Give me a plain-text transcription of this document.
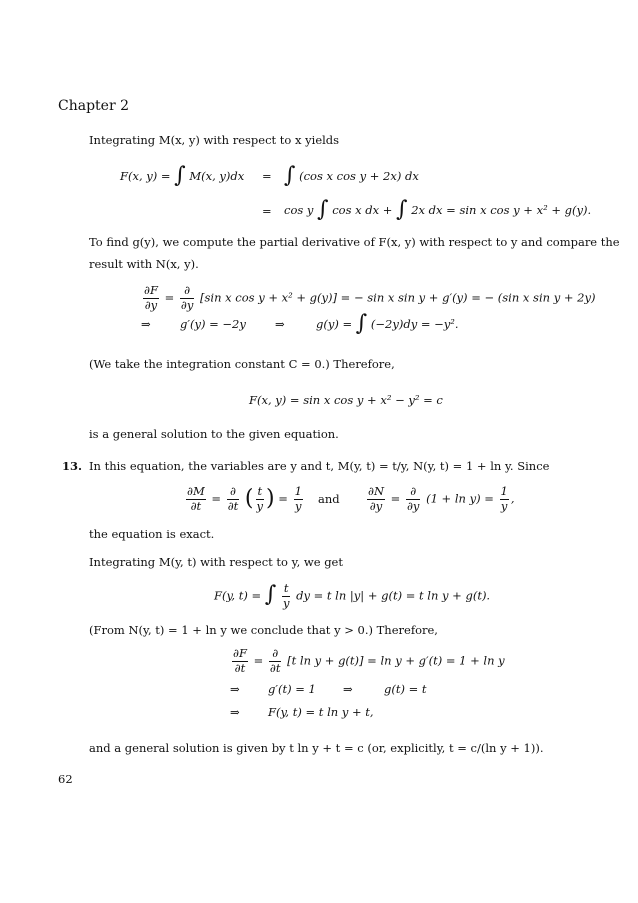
Chapter 2
Integrating M(x, y) with respect to x yields
F(x, y) = ∫ M(x, y)dx = ∫ (cos x cos y + 2x) dx
= cos y ∫ cos x dx + ∫ 2x dx = sin x cos y + x² + g(y).
To find g(y), we compute the partial derivative of F(x, y) with respect to y and compare the
result with N(x, y).
$\frac{\partial F}{\partial y} = \frac{\partial}{\partial y} [\sin$ x cos y + x² + g(y)] = − sin x sin y + g′(y) = − (sin x sin y + 2y)
⇒	g′(y) = −2y	⇒	g(y) = ∫ (−2y)dy = −y².
(We take the integration constant C = 0.) Therefore,
F(x, y) = sin x cos y + x² − y² = c
is a general solution to the given equation.
13. In this equation, the variables are y and t, M(y, t) = t/y, N(y, t) = 1 + ln y. Since
$\frac{\partial M}{\partial t} = \frac{\partial}{\partial t}$ ( $\frac{t}{y}$ ) = $\frac{1}{y}$ and $\frac{\partial N}{\partial y} = \frac{\partial}{\partial y} (1 + \ln y) = \frac{1}{y}$ ,
the equation is exact.
Integrating M(y, t) with respect to y, we get
F(y, t) = ∫ $\frac{t}{y}$ dy = t ln |y| + g(t) = t ln y + g(t).
(From N(y, t) = 1 + ln y we conclude that y > 0.) Therefore,
$\frac{\partial F}{\partial t} = \frac{\partial}{\partial t} [t$ ln y + g(t)] = ln y + g′(t) = 1 + ln y
⇒ g′(t) = 1 ⇒	g(t) = t
⇒ F(y, t) = t ln y + t,
and a general solution is given by t ln y + t = c (or, explicitly, t = c/(ln y + 1)).
62
